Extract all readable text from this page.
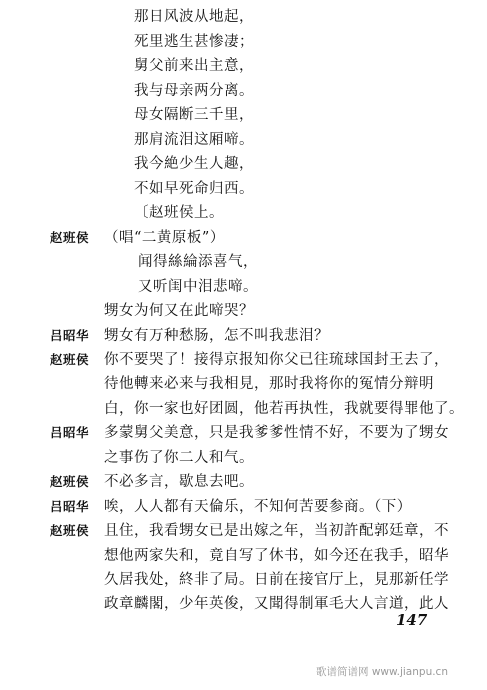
那日风波从地起，
死里逃生甚惨凄；
舅父前来出主意，
我与母亲两分离。
母女隔断三千里，
那肩流泪这厢啼。
我今絶少生人趣，
不如早死命归西。
〔赵班侯上。
赵班侯 （唱“二黄原板”）
闻得絲綸添喜气，
又听闺中泪悲啼。
甥女为何又在此啼哭？
吕昭华 甥女有万种愁肠，怎不叫我悲泪？
赵班侯 你不要哭了！接得京报知你父已往琉球国封王去了，
待他轉来必来与我相見，那时我将你的冤情分辩明
白，你一家也好团圆，他若再执性，我就要得罪他了。
吕昭华 多蒙舅父美意，只是我爹爹性情不好，不要为了甥女
之事伤了你二人和气。
赵班侯 不必多言，歇息去吧。
吕昭华 唉，人人都有天倫乐，不知何苦要参商。（下）
赵班侯 且住，我看甥女已是出嫁之年，当初許配郭廷章，不
想他两家失和，竟自写了休书，如今还在我手，昭华
久居我处，終非了局。日前在接官厅上，見那新任学
政章麟閣，少年英俊，又聞得制軍毛大人言道，此人
147
歌谱简谱网 www.jianpu.cn
